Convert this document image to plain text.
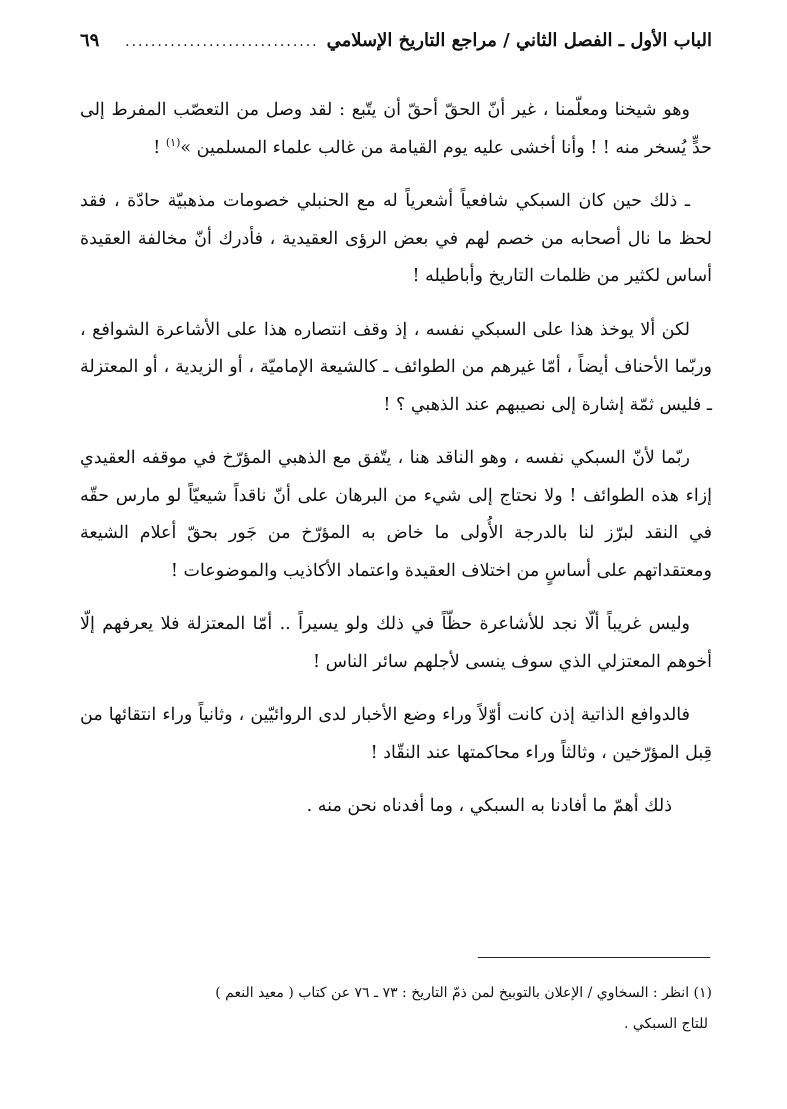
الباب الأول ـ الفصل الثاني / مراجع التاريخ الإسلامي
..............................
٦٩

وهو شيخنا ومعلّمنا ، غير أنّ الحقّ أحقّ أن يتّبع : لقد وصل من التعصّب المفرط إلى حدٍّ يُسخر منه ! ! وأنا أخشى عليه يوم القيامة من غالب علماء المسلمين »$^{(١)}$ !

ـ ذلك حين كان السبكي شافعياً أشعرياً له مع الحنبلي خصومات مذهبيّة حادّة ، فقد لحظ ما نال أصحابه من خصم لهم في بعض الرؤى العقيدية ، فأدرك أنّ مخالفة العقيدة أساس لكثير من ظلمات التاريخ وأباطيله !

لكن ألا يوخذ هذا على السبكي نفسه ، إذ وقف انتصاره هذا على الأشاعرة الشوافع ، وربّما الأحناف أيضاً ، أمّا غيرهم من الطوائف ـ كالشيعة الإماميّة ، أو الزيدية ، أو المعتزلة ـ فليس ثمّة إشارة إلى نصيبهم عند الذهبي ؟ !

ربّما لأنّ السبكي نفسه ، وهو الناقد هنا ، يتّفق مع الذهبي المؤرّخ في موقفه العقيدي إزاء هذه الطوائف ! ولا نحتاج إلى شيء من البرهان على أنّ ناقداً شيعيّاً لو مارس حقّه في النقد لبرّز لنا بالدرجة الأُولى ما خاض به المؤرّخ من جَور بحقّ أعلام الشيعة ومعتقداتهم على أساسٍ من اختلاف العقيدة واعتماد الأكاذيب والموضوعات !

وليس غريباً ألّا نجد للأشاعرة حظّاً في ذلك ولو يسيراً .. أمّا المعتزلة فلا يعرفهم إلّا أخوهم المعتزلي الذي سوف ينسى لأجلهم سائر الناس !

فالدوافع الذاتية إذن كانت أوّلاً وراء وضع الأخبار لدى الروائيّين ، وثانياً وراء انتقائها من قِبل المؤرّخين ، وثالثاً وراء محاكمتها عند النقّاد !

ذلك أهمّ ما أفادنا به السبكي ، وما أفدناه نحن منه .

(١) انظر : السخاوي / الإعلان بالتوبيخ لمن ذمّ التاريخ : ٧٣ ـ ٧٦ عن كتاب ( معيد النعم )
للتاج السبكي .
